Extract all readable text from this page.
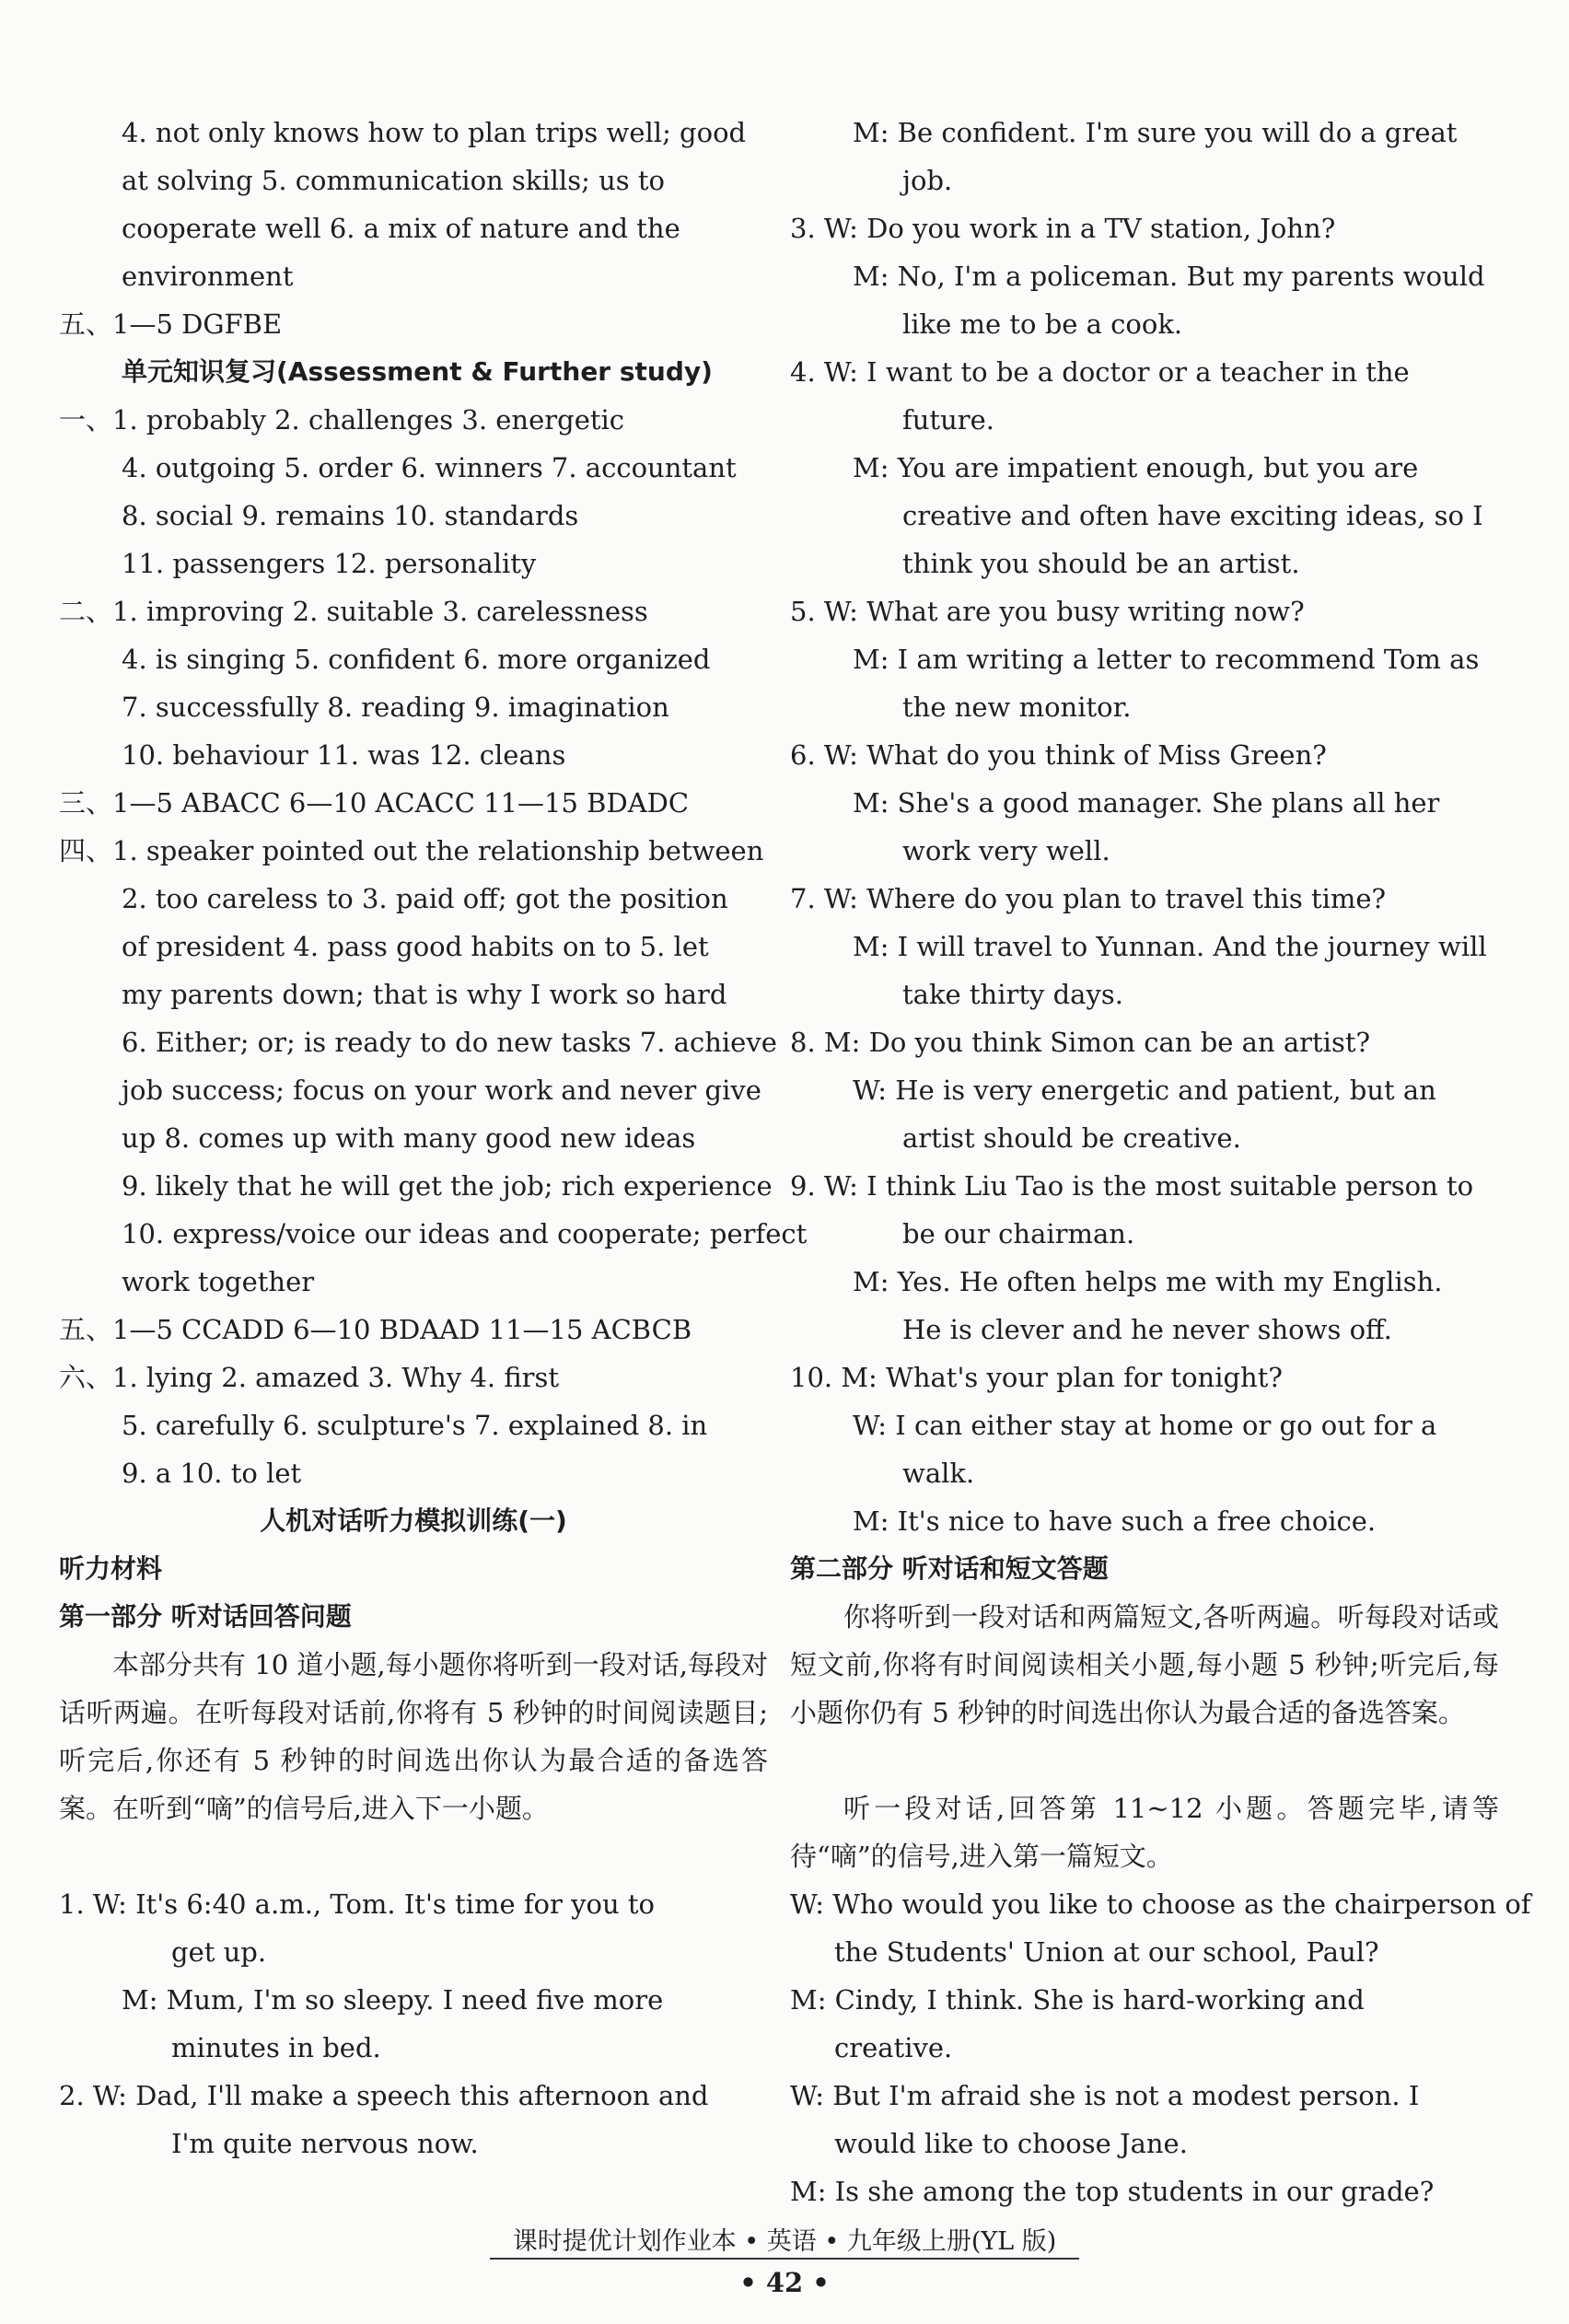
4. not only knows how to plan trips well; good
at solving 5. communication skills; us to
cooperate well 6. a mix of nature and the
environment
五、1—5 DGFBE
单元知识复习(Assessment & Further study)
一、1. probably 2. challenges 3. energetic
4. outgoing 5. order 6. winners 7. accountant
8. social 9. remains 10. standards
11. passengers 12. personality
二、1. improving 2. suitable 3. carelessness
4. is singing 5. confident 6. more organized
7. successfully 8. reading 9. imagination
10. behaviour 11. was 12. cleans
三、1—5 ABACC 6—10 ACACC 11—15 BDADC
四、1. speaker pointed out the relationship between
2. too careless to 3. paid off; got the position
of president 4. pass good habits on to 5. let
my parents down; that is why I work so hard
6. Either; or; is ready to do new tasks 7. achieve
job success; focus on your work and never give
up 8. comes up with many good new ideas
9. likely that he will get the job; rich experience
10. express/voice our ideas and cooperate; perfect
work together
五、1—5 CCADD 6—10 BDAAD 11—15 ACBCB
六、1. lying 2. amazed 3. Why 4. first
5. carefully 6. sculpture's 7. explained 8. in
9. a 10. to let
人机对话听力模拟训练(一)
听力材料
第一部分 听对话回答问题
本部分共有 10 道小题,每小题你将听到一段对话,每段对话听两遍。在听每段对话前,你将有 5 秒钟的时间阅读题目;听完后,你还有 5 秒钟的时间选出你认为最合适的备选答案。在听到“嘀”的信号后,进入下一小题。
1. W: It's 6:40 a.m., Tom. It's time for you to
get up.
M: Mum, I'm so sleepy. I need five more
minutes in bed.
2. W: Dad, I'll make a speech this afternoon and
I'm quite nervous now.
M: Be confident. I'm sure you will do a great
job.
3. W: Do you work in a TV station, John?
M: No, I'm a policeman. But my parents would
like me to be a cook.
4. W: I want to be a doctor or a teacher in the
future.
M: You are impatient enough, but you are
creative and often have exciting ideas, so I
think you should be an artist.
5. W: What are you busy writing now?
M: I am writing a letter to recommend Tom as
the new monitor.
6. W: What do you think of Miss Green?
M: She's a good manager. She plans all her
work very well.
7. W: Where do you plan to travel this time?
M: I will travel to Yunnan. And the journey will
take thirty days.
8. M: Do you think Simon can be an artist?
W: He is very energetic and patient, but an
artist should be creative.
9. W: I think Liu Tao is the most suitable person to
be our chairman.
M: Yes. He often helps me with my English.
He is clever and he never shows off.
10. M: What's your plan for tonight?
W: I can either stay at home or go out for a
walk.
M: It's nice to have such a free choice.
第二部分 听对话和短文答题
你将听到一段对话和两篇短文,各听两遍。听每段对话或短文前,你将有时间阅读相关小题,每小题 5 秒钟;听完后,每小题你仍有 5 秒钟的时间选出你认为最合适的备选答案。
听一段对话,回答第 11~12 小题。答题完毕,请等待“嘀”的信号,进入第一篇短文。
W: Who would you like to choose as the chairperson of
the Students' Union at our school, Paul?
M: Cindy, I think. She is hard-working and
creative.
W: But I'm afraid she is not a modest person. I
would like to choose Jane.
M: Is she among the top students in our grade?
课时提优计划作业本 • 英语 • 九年级上册(YL 版)
• 42 •
